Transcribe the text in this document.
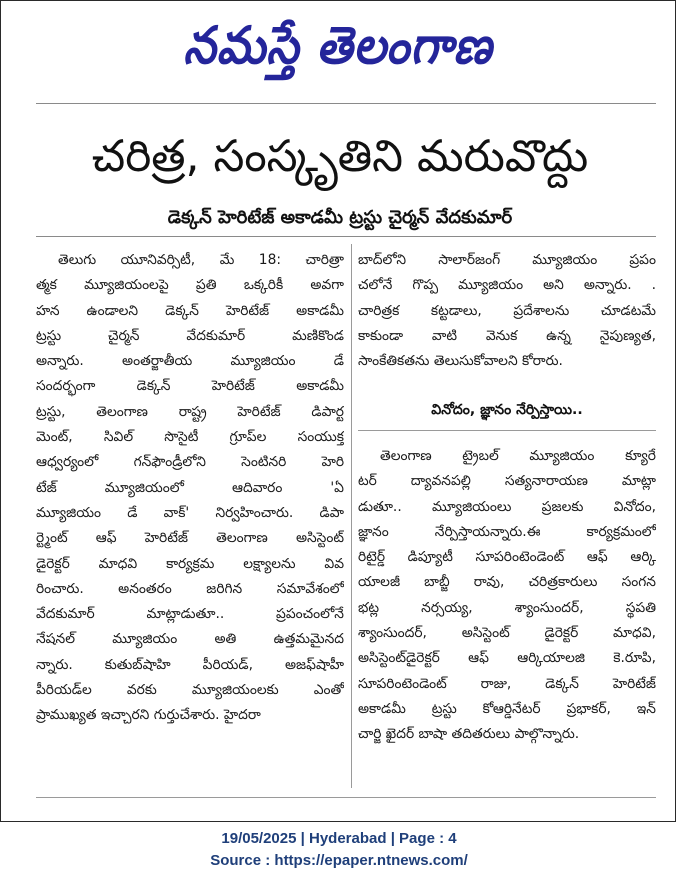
నమస్తే తెలంగాణ
చరిత్ర, సంస్కృతిని మరువొద్దు
డెక్కన్ హెరిటేజ్ అకాడమీ ట్రస్టు చైర్మన్ వేదకుమార్
తెలుగు యూనివర్సిటీ, మే 18: చారిత్రా
త్మక మ్యూజియంలపై ప్రతి ఒక్కరికీ అవగా
హన ఉండాలని డెక్కన్ హెరిటేజ్ అకాడమీ
ట్రస్టు చైర్మన్ వేదకుమార్ మణికొండ
అన్నారు. అంతర్జాతీయ మ్యూజియం డే
సందర్భంగా డెక్కన్ హెరిటేజ్ అకాడమీ
ట్రస్టు, తెలంగాణ రాష్ట్ర హెరిటేజ్ డిపార్ట
మెంట్, సివిల్ సొసైటీ గ్రూప్‌ల సంయుక్త
ఆధ్వర్యంలో గన్‌ఫౌండ్రీలోని సెంటినరి హెరి
టేజ్ మ్యూజియంలో ఆదివారం 'ఏ
మ్యూజియం డే వాక్' నిర్వహించారు. డిపా
ర్ట్మెంట్ ఆఫ్ హెరిటేజ్ తెలంగాణ అసిస్టెంట్
డైరెక్టర్ మాధవి కార్యక్రమ లక్ష్యాలను వివ
రించారు. అనంతరం జరిగిన సమావేశంలో
వేదకుమార్ మాట్లాడుతూ.. ప్రపంచంలోనే
నేషనల్ మ్యూజియం అతి ఉత్తమమైనద
న్నారు. కుతుబ్‌షాహి పీరియడ్, అజఫ్‌షాహీ
పీరియడ్‌ల వరకు మ్యూజియంలకు ఎంతో
ప్రాముఖ్యత ఇచ్చారని గుర్తుచేశారు. హైదరా
బాద్‌లోని సాలార్‌జంగ్ మ్యూజియం ప్రపం
చలోనే గొప్ప మ్యూజియం అని అన్నారు. .
చారిత్రక కట్టడాలు, ప్రదేశాలను చూడటమే
కాకుండా వాటి వెనుక ఉన్న నైపుణ్యత,
సాంకేతికతను తెలుసుకోవాలని కోరారు.
వినోదం, జ్ఞానం నేర్పిస్తాయి..
తెలంగాణ ట్రైబల్ మ్యూజియం క్యూరే
టర్ ద్యావనపల్లి సత్యనారాయణ మాట్లా
డుతూ.. మ్యూజియంలు ప్రజలకు వినోదం,
జ్ఞానం నేర్పిస్తాయన్నారు.ఈ కార్యక్రమంలో
రిటైర్డ్ డిప్యూటీ సూపరింటెండెంట్ ఆఫ్ ఆర్కి
యాలజీ బాబ్జీ రావు, చరిత్రకారులు సంగన
భట్ల నర్సయ్య, శ్యాంసుందర్, స్థపతి
శ్యాంసుందర్, అసిస్టెంట్ డైరెక్టర్ మాధవి,
అసిస్టెంట్‌డైరెక్టర్ ఆఫ్ ఆర్కియాలజి కె.రూపి,
సూపరింటెండెంట్ రాజు, డెక్కన్ హెరిటేజ్
అకాడమీ ట్రస్టు కోఆర్డినేటర్ ప్రభాకర్, ఇన్
చార్జి ఖైదర్ బాషా తదితరులు పాల్గొన్నారు.
19/05/2025 | Hyderabad | Page : 4
Source : https://epaper.ntnews.com/
